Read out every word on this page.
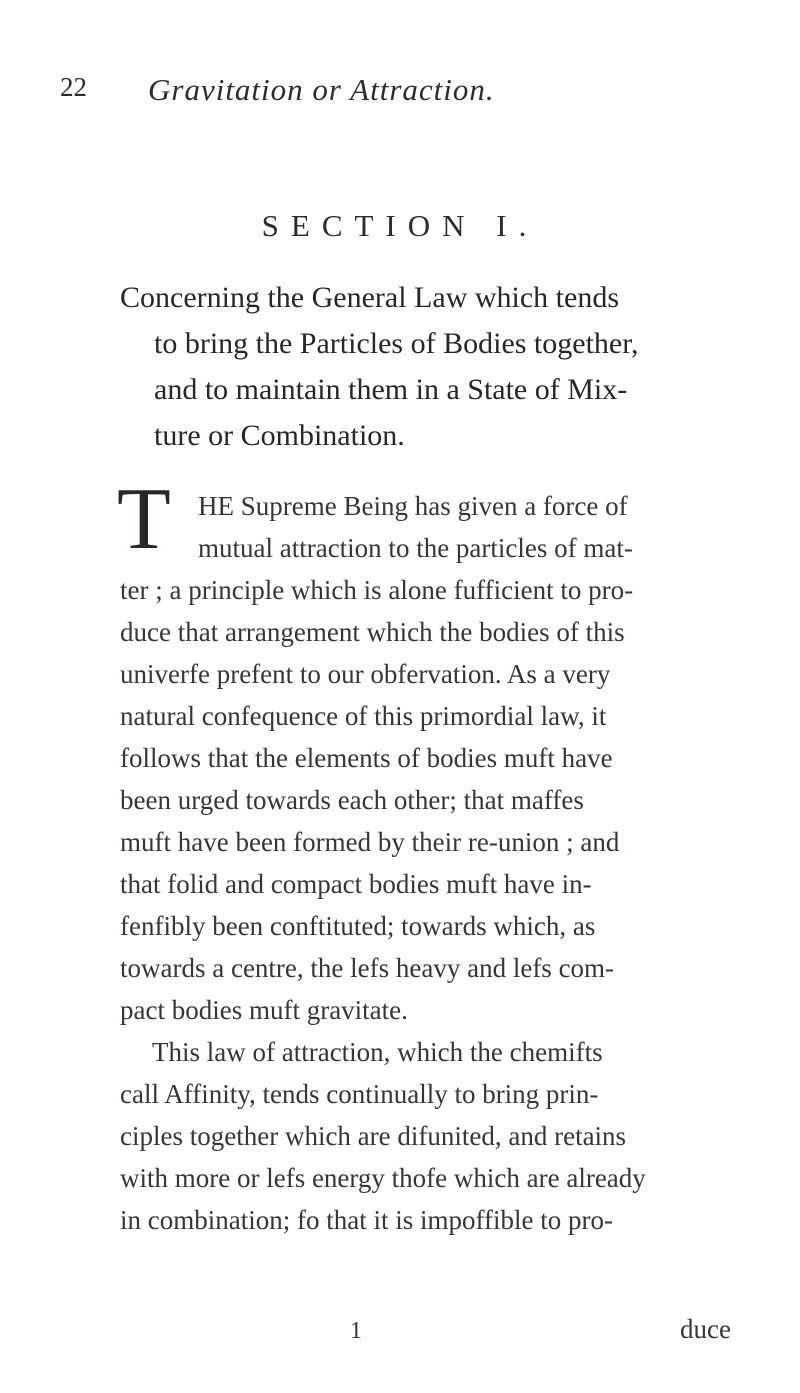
22 Gravitation or Attraction.
SECTION I.
Concerning the General Law which tends
to bring the Particles of Bodies together,
and to maintain them in a State of Mix-
ture or Combination.
T	HE Supreme Being has given a force of
mutual attraction to the particles of mat-
ter ; a principle which is alone fufficient to pro-
duce that arrangement which the bodies of this
univerfe prefent to our obfervation. As a very
natural confequence of this primordial law, it
follows that the elements of bodies muft have
been urged towards each other; that maffes
muft have been formed by their re-union ; and
that folid and compact bodies muft have in-
fenfibly been conftituted; towards which, as
towards a centre, the lefs heavy and lefs com-
pact bodies muft gravitate.
This law of attraction, which the chemifts
call Affinity, tends continually to bring prin-
ciples together which are difunited, and retains
with more or lefs energy thofe which are already
in combination; fo that it is impoffible to pro-
1	duce
